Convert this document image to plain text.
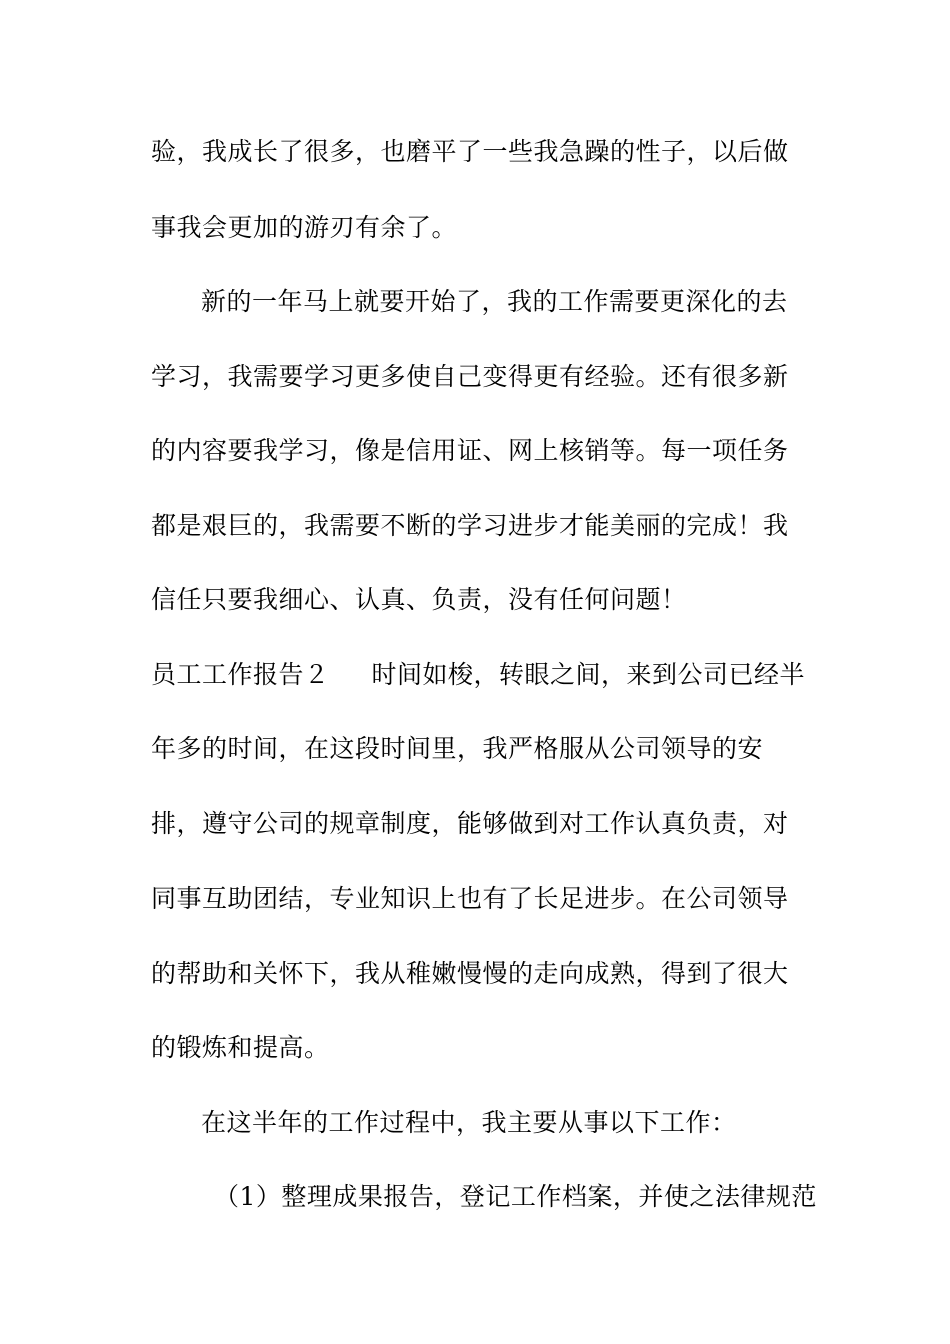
验，我成长了很多，也磨平了一些我急躁的性子，以后做
事我会更加的游刃有余了。
新的一年马上就要开始了，我的工作需要更深化的去
学习，我需要学习更多使自己变得更有经验。还有很多新
的内容要我学习，像是信用证、网上核销等。每一项任务
都是艰巨的，我需要不断的学习进步才能美丽的完成！我
信任只要我细心、认真、负责，没有任何问题！
员工工作报告２ 时间如梭，转眼之间，来到公司已经半
年多的时间，在这段时间里，我严格服从公司领导的安
排，遵守公司的规章制度，能够做到对工作认真负责，对
同事互助团结，专业知识上也有了长足进步。在公司领导
的帮助和关怀下，我从稚嫩慢慢的走向成熟，得到了很大
的锻炼和提高。
在这半年的工作过程中，我主要从事以下工作：
（1）整理成果报告，登记工作档案，并使之法律规范
